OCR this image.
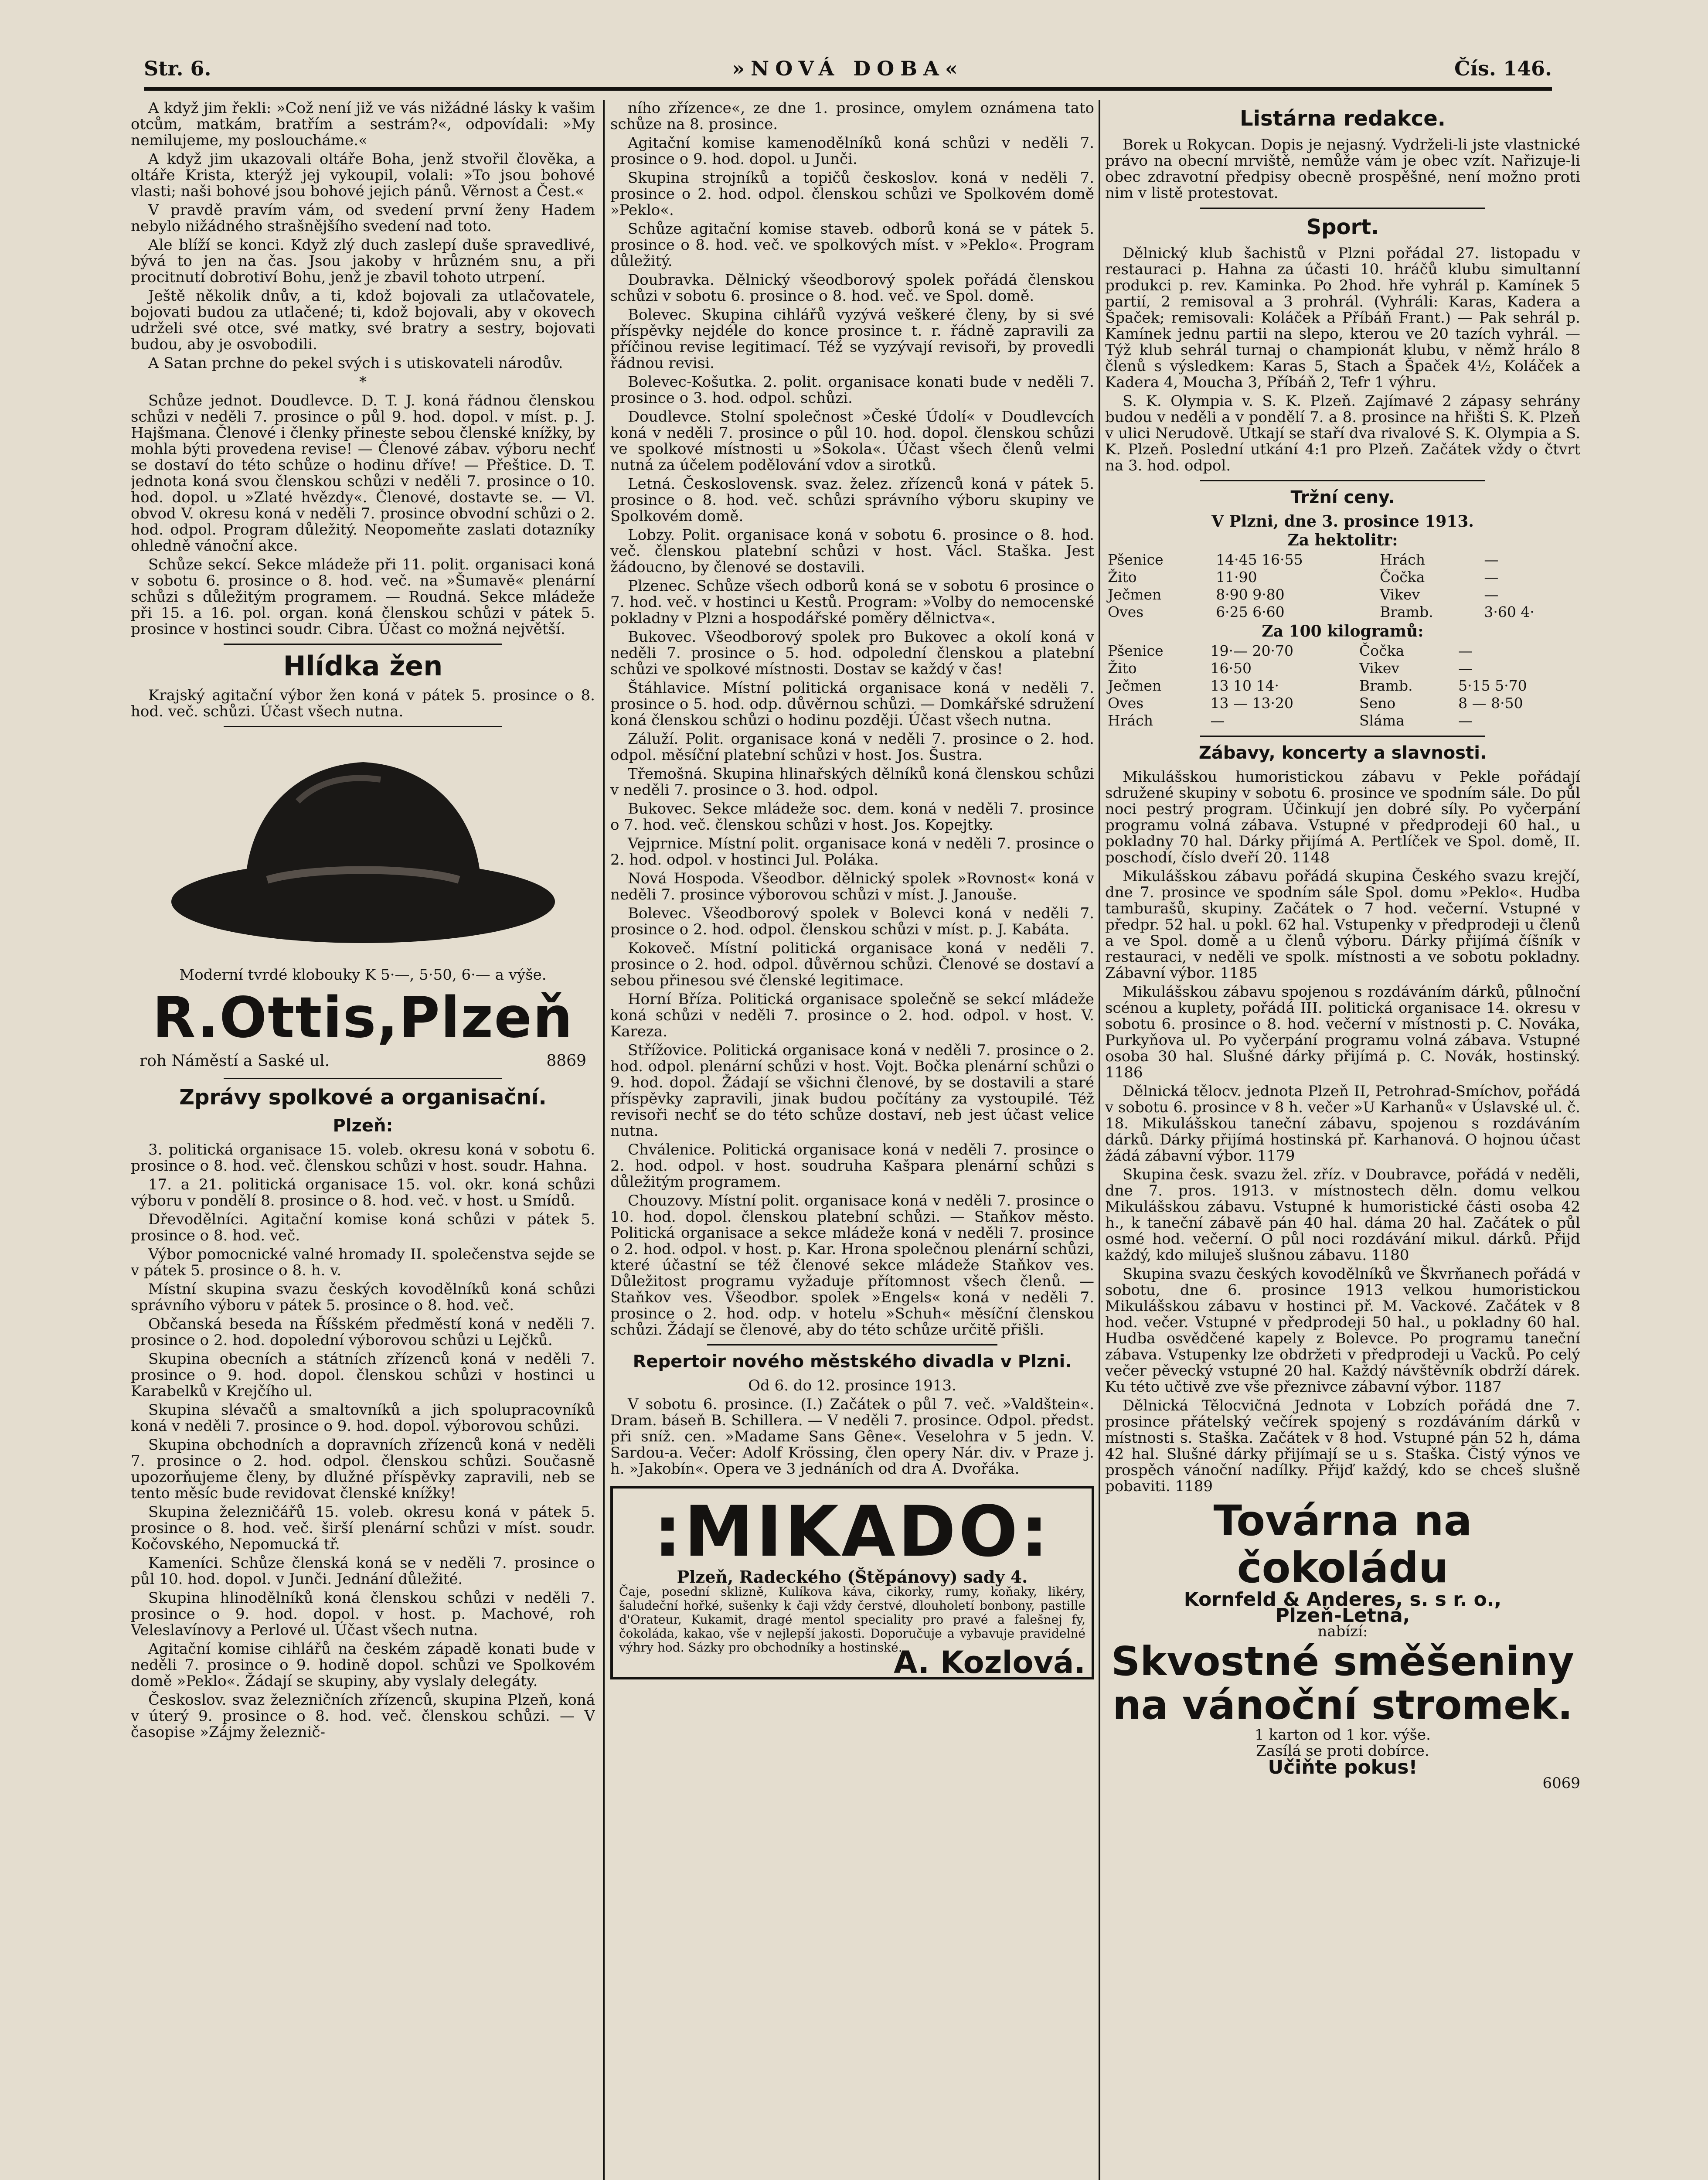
Str. 6.	»NOVÁ DOBA«	Čís. 146.

A když jim řekli: »Což není již ve vás nižádné lásky k vašim otcům, matkám, bratřím a sestrám?«, odpovídali: »My nemilujeme, my posloucháme.«

A když jim ukazovali oltáře Boha, jenž stvořil člověka, a oltáře Krista, kterýž jej vykoupil, volali: »To jsou bohové vlasti; naši bohové jsou bohové jejich pánů. Věrnost a Čest.«

V pravdě pravím vám, od svedení první ženy Hadem nebylo nižádného strašnějšího svedení nad toto.

Ale blíží se konci. Když zlý duch zaslepí duše spravedlivé, bývá to jen na čas. Jsou jakoby v hrůzném snu, a při procitnutí dobrotiví Bohu, jenž je zbavil tohoto utrpení.

Ještě několik dnův, a ti, kdož bojovali za utlačovatele, bojovati budou za utlačené; ti, kdož bojovali, aby v okovech udrželi své otce, své matky, své bratry a sestry, bojovati budou, aby je osvobodili.

A Satan prchne do pekel svých i s utiskovateli národův.

*

Schůze jednot. Doudlevce. D. T. J. koná řádnou členskou schůzi v neděli 7. prosince o půl 9. hod. dopol. v míst. p. J. Hajšmana. Členové i členky přineste sebou členské knížky, by mohla býti provedena revise! — Členové zábav. výboru nechť se dostaví do této schůze o hodinu dříve! — Přeštice. D. T. jednota koná svou členskou schůzi v neděli 7. prosince o 10. hod. dopol. u »Zlaté hvězdy«. Členové, dostavte se. — Vl. obvod V. okresu koná v neděli 7. prosince obvodní schůzi o 2. hod. odpol. Program důležitý. Neopomeňte zaslati dotazníky ohledně vánoční akce.

Schůze sekcí. Sekce mládeže při 11. polit. organisaci koná v sobotu 6. prosince o 8. hod. več. na »Šumavě« plenární schůzi s důležitým programem. — Roudná. Sekce mládeže při 15. a 16. pol. organ. koná členskou schůzi v pátek 5. prosince v hostinci soudr. Cibra. Účast co možná největší.

Hlídka žen

Krajský agitační výbor žen koná v pátek 5. prosince o 8. hod. več. schůzi. Účast všech nutna.

Moderní tvrdé klobouky K 5·—, 5·50, 6·— a výše.

R.Ottis,Plzeň
roh Náměstí a Saské ul.	8869
Zprávy spolkové a organisační.
Plzeň:

3. politická organisace 15. voleb. okresu koná v sobotu 6. prosince o 8. hod. več. členskou schůzi v host. soudr. Hahna.

17. a 21. politická organisace 15. vol. okr. koná schůzi výboru v pondělí 8. prosince o 8. hod. več. v host. u Smídů.

Dřevodělníci. Agitační komise koná schůzi v pátek 5. prosince o 8. hod. več.

Výbor pomocnické valné hromady II. společenstva sejde se v pátek 5. prosince o 8. h. v.

Místní skupina svazu českých kovodělníků koná schůzi správního výboru v pátek 5. prosince o 8. hod. več.

Občanská beseda na Říšském předměstí koná v neděli 7. prosince o 2. hod. dopolední výborovou schůzi u Lejčků.

Skupina obecních a státních zřízenců koná v neděli 7. prosince o 9. hod. dopol. členskou schůzi v hostinci u Karabelků v Krejčího ul.

Skupina slévačů a smaltovníků a jich spolupracovníků koná v neděli 7. prosince o 9. hod. dopol. výborovou schůzi.

Skupina obchodních a dopravních zřízenců koná v neděli 7. prosince o 2. hod. odpol. členskou schůzi. Současně upozorňujeme členy, by dlužné příspěvky zapravili, neb se tento měsíc bude revidovat členské knížky!

Skupina železničářů 15. voleb. okresu koná v pátek 5. prosince o 8. hod. več. širší plenární schůzi v míst. soudr. Kočovského, Nepomucká tř.

Kameníci. Schůze členská koná se v neděli 7. prosince o půl 10. hod. dopol. v Junči. Jednání důležité.

Skupina hlinodělníků koná členskou schůzi v neděli 7. prosince o 9. hod. dopol. v host. p. Machové, roh Veleslavínovy a Perlové ul. Účast všech nutna.

Agitační komise cihlářů na českém západě konati bude v neděli 7. prosince o 9. hodině dopol. schůzi ve Spolkovém domě »Peklo«. Žádají se skupiny, aby vyslaly delegáty.

Českoslov. svaz železničních zřízenců, skupina Plzeň, koná v úterý 9. prosince o 8. hod. več. členskou schůzi. — V časopise »Zájmy železnič-

ního zřízence«, ze dne 1. prosince, omylem oznámena tato schůze na 8. prosince.

Agitační komise kamenodělníků koná schůzi v neděli 7. prosince o 9. hod. dopol. u Junči.

Skupina strojníků a topičů českoslov. koná v neděli 7. prosince o 2. hod. odpol. členskou schůzi ve Spolkovém domě »Peklo«.

Schůze agitační komise staveb. odborů koná se v pátek 5. prosince o 8. hod. več. ve spolkových míst. v »Peklo«. Program důležitý.

Doubravka. Dělnický všeodborový spolek pořádá členskou schůzi v sobotu 6. prosince o 8. hod. več. ve Spol. domě.

Bolevec. Skupina cihlářů vyzývá veškeré členy, by si své příspěvky nejdéle do konce prosince t. r. řádně zapravili za příčinou revise legitimací. Též se vyzývají revisoři, by provedli řádnou revisi.

Bolevec-Košutka. 2. polit. organisace konati bude v neděli 7. prosince o 3. hod. odpol. schůzi.

Doudlevce. Stolní společnost »České Údolí« v Doudlevcích koná v neděli 7. prosince o půl 10. hod. dopol. členskou schůzi ve spolkové místnosti u »Sokola«. Účast všech členů velmi nutná za účelem podělování vdov a sirotků.

Letná. Československ. svaz. želez. zřízenců koná v pátek 5. prosince o 8. hod. več. schůzi správního výboru skupiny ve Spolkovém domě.

Lobzy. Polit. organisace koná v sobotu 6. prosince o 8. hod. več. členskou platební schůzi v host. Václ. Staška. Jest žádoucno, by členové se dostavili.

Plzenec. Schůze všech odborů koná se v sobotu 6 prosince o 7. hod. več. v hostinci u Kestů. Program: »Volby do nemocenské pokladny v Plzni a hospodářské poměry dělnictva«.

Bukovec. Všeodborový spolek pro Bukovec a okolí koná v neděli 7. prosince o 5. hod. odpolední členskou a platební schůzi ve spolkové místnosti. Dostav se každý v čas!

Štáhlavice. Místní politická organisace koná v neděli 7. prosince o 5. hod. odp. důvěrnou schůzi. — Domkářské sdružení koná členskou schůzi o hodinu později. Účast všech nutna.

Záluží. Polit. organisace koná v neděli 7. prosince o 2. hod. odpol. měsíční platební schůzi v host. Jos. Šustra.

Třemošná. Skupina hlinařských dělníků koná členskou schůzi v neděli 7. prosince o 3. hod. odpol.

Bukovec. Sekce mládeže soc. dem. koná v neděli 7. prosince o 7. hod. več. členskou schůzi v host. Jos. Kopejtky.

Vejprnice. Místní polit. organisace koná v neděli 7. prosince o 2. hod. odpol. v hostinci Jul. Poláka.

Nová Hospoda. Všeodbor. dělnický spolek »Rovnost« koná v neděli 7. prosince výborovou schůzi v míst. J. Janouše.

Bolevec. Všeodborový spolek v Bolevci koná v neděli 7. prosince o 2. hod. odpol. členskou schůzi v míst. p. J. Kabáta.

Kokoveč. Místní politická organisace koná v neděli 7. prosince o 2. hod. odpol. důvěrnou schůzi. Členové se dostaví a sebou přinesou své členské legitimace.

Horní Bříza. Politická organisace společně se sekcí mládeže koná schůzi v neděli 7. prosince o 2. hod. odpol. v host. V. Kareza.

Střížovice. Politická organisace koná v neděli 7. prosince o 2. hod. odpol. plenární schůzi v host. Vojt. Bočka plenární schůzi o 9. hod. dopol. Žádají se všichni členové, by se dostavili a staré příspěvky zapravili, jinak budou počítány za vystoupilé. Též revisoři nechť se do této schůze dostaví, neb jest účast velice nutna.

Chválenice. Politická organisace koná v neděli 7. prosince o 2. hod. odpol. v host. soudruha Kašpara plenární schůzi s důležitým programem.

Chouzovy. Místní polit. organisace koná v neděli 7. prosince o 10. hod. dopol. členskou platební schůzi. — Staňkov město. Politická organisace a sekce mládeže koná v neděli 7. prosince o 2. hod. odpol. v host. p. Kar. Hrona společnou plenární schůzi, které účastní se též členové sekce mládeže Staňkov ves. Důležitost programu vyžaduje přítomnost všech členů. — Staňkov ves. Všeodbor. spolek »Engels« koná v neděli 7. prosince o 2. hod. odp. v hotelu »Schuh« měsíční členskou schůzi. Žádají se členové, aby do této schůze určitě přišli.

Repertoir nového městského divadla v Plzni.

Od 6. do 12. prosince 1913.

V sobotu 6. prosince. (I.) Začátek o půl 7. več. »Valdštein«. Dram. báseň B. Schillera. — V neděli 7. prosince. Odpol. předst. při sníž. cen. »Madame Sans Gêne«. Veselohra v 5 jedn. V. Sardou-a. Večer: Adolf Krössing, člen opery Nár. div. v Praze j. h. »Jakobín«. Opera ve 3 jednáních od dra A. Dvořáka.

:MIKADO:
Plzeň, Radeckého (Štěpánovy) sady 4.
Čaje, posední sklizně, Kulíkova káva, cikorky, rumy, koňaky, likéry, šaludeční hořké, sušenky k čaji vždy čerstvé, dlouholetí bonbony, pastille d'Orateur, Kukamit, dragé mentol speciality pro pravé a falešnej fy, čokoláda, kakao, vše v nejlepší jakosti. Doporučuje a vybavuje pravidelné výhry hod. Sázky pro obchodníky a hostinské.
A. Kozlová.
Listárna redakce.

Borek u Rokycan. Dopis je nejasný. Vydrželi-li jste vlastnické právo na obecní mrviště, nemůže vám je obec vzít. Nařizuje-li obec zdravotní předpisy obecně prospěšné, není možno proti nim v listě protestovat.

Sport.

Dělnický klub šachistů v Plzni pořádal 27. listopadu v restauraci p. Hahna za účasti 10. hráčů klubu simultanní produkci p. rev. Kaminka. Po 2hod. hře vyhrál p. Kamínek 5 partií, 2 remisoval a 3 prohrál. (Vyhráli: Karas, Kadera a Špaček; remisovali: Koláček a Příbáň Frant.) — Pak sehrál p. Kamínek jednu partii na slepo, kterou ve 20 tazích vyhrál. — Týž klub sehrál turnaj o championát klubu, v němž hrálo 8 členů s výsledkem: Karas 5, Stach a Špaček 4½, Koláček a Kadera 4, Moucha 3, Příbáň 2, Tefr 1 výhru.

S. K. Olympia v. S. K. Plzeň. Zajímavé 2 zápasy sehrány budou v neděli a v pondělí 7. a 8. prosince na hřišti S. K. Plzeň v ulici Nerudově. Utkají se staří dva rivalové S. K. Olympia a S. K. Plzeň. Poslední utkání 4:1 pro Plzeň. Začátek vždy o čtvrt na 3. hod. odpol.

Tržní ceny.
V Plzni, dne 3. prosince 1913.
Za hektolitr:
Pšenice	14·45 16·55	Hrách	—
Žito	11·90	Čočka	—
Ječmen	8·90 9·80	Vikev	—
Oves	6·25 6·60	Bramb.	3·60 4·
Za 100 kilogramů:
Pšenice	19·— 20·70	Čočka	—
Žito	16·50	Vikev	—
Ječmen	13 10 14·	Bramb.	5·15 5·70
Oves	13 — 13·20	Seno	8 — 8·50
Hrách	—	Sláma	—
Zábavy, koncerty a slavnosti.

Mikulášskou humoristickou zábavu v Pekle pořádají sdružené skupiny v sobotu 6. prosince ve spodním sále. Do půl noci pestrý program. Účinkují jen dobré síly. Po vyčerpání programu volná zábava. Vstupné v předprodeji 60 hal., u pokladny 70 hal. Dárky přijímá A. Pertlíček ve Spol. domě, II. poschodí, číslo dveří 20. 1148

Mikulášskou zábavu pořádá skupina Českého svazu krejčí, dne 7. prosince ve spodním sále Spol. domu »Peklo«. Hudba tamburašů, skupiny. Začátek o 7 hod. večerní. Vstupné v předpr. 52 hal. u pokl. 62 hal. Vstupenky v předprodeji u členů a ve Spol. domě a u členů výboru. Dárky přijímá číšník v restauraci, v neděli ve spolk. místnosti a ve sobotu pokladny. Zábavní výbor. 1185

Mikulášskou zábavu spojenou s rozdáváním dárků, půlnoční scénou a kuplety, pořádá III. politická organisace 14. okresu v sobotu 6. prosince o 8. hod. večerní v místnosti p. C. Nováka, Purkyňova ul. Po vyčerpání programu volná zábava. Vstupné osoba 30 hal. Slušné dárky přijímá p. C. Novák, hostinský. 1186

Dělnická tělocv. jednota Plzeň II, Petrohrad-Smíchov, pořádá v sobotu 6. prosince v 8 h. večer »U Karhanů« v Úslavské ul. č. 18. Mikulášskou taneční zábavu, spojenou s rozdáváním dárků. Dárky přijímá hostinská př. Karhanová. O hojnou účast žádá zábavní výbor. 1179

Skupina česk. svazu žel. zříz. v Doubravce, pořádá v neděli, dne 7. pros. 1913. v místnostech děln. domu velkou Mikulášskou zábavu. Vstupné k humoristické části osoba 42 h., k taneční zábavě pán 40 hal. dáma 20 hal. Začátek o půl osmé hod. večerní. O půl noci rozdávání mikul. dárků. Přijď každý, kdo miluješ slušnou zábavu. 1180

Skupina svazu českých kovodělníků ve Škvrňanech pořádá v sobotu, dne 6. prosince 1913 velkou humoristickou Mikulášskou zábavu v hostinci př. M. Vackové. Začátek v 8 hod. večer. Vstupné v předprodeji 50 hal., u pokladny 60 hal. Hudba osvědčené kapely z Bolevce. Po programu taneční zábava. Vstupenky lze obdržeti v předprodeji u Vacků. Po celý večer pěvecký vstupné 20 hal. Každý návštěvník obdrží dárek. Ku této učtivě zve vše přeznivce zábavní výbor. 1187

Dělnická Tělocvičná Jednota v Lobzích pořádá dne 7. prosince přátelský večírek spojený s rozdáváním dárků v místnosti s. Staška. Začátek v 8 hod. Vstupné pán 52 h, dáma 42 hal. Slušné dárky přijímají se u s. Staška. Čistý výnos ve prospěch vánoční nadílky. Přijď každý, kdo se chceš slušně pobaviti. 1189

Továrna na čokoládu
Kornfeld & Anderes, s. s r. o.,
Plzeň-Letná,
nabízí:
Skvostné směšeniny na vánoční stromek.
1 karton od 1 kor. výše.
Zasílá se proti dobírce.
Učiňte pokus!
6069
